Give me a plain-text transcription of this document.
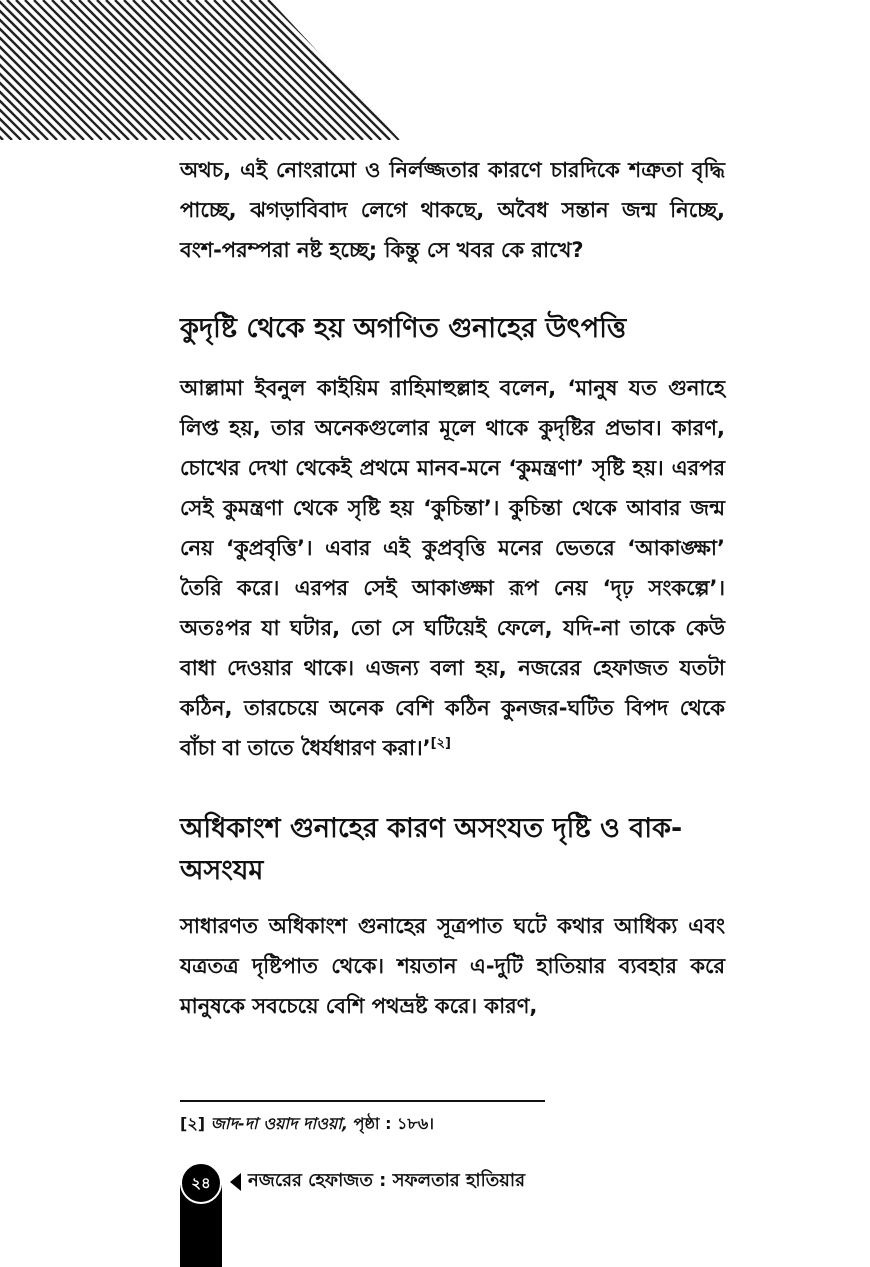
অথচ, এই নোংরামো ও নির্লজ্জতার কারণে চারদিকে শত্রুতা বৃদ্ধি পাচ্ছে, ঝগড়াবিবাদ লেগে থাকছে, অবৈধ সন্তান জন্ম নিচ্ছে, বংশ-পরম্পরা নষ্ট হচ্ছে; কিন্তু সে খবর কে রাখে?

কুদৃষ্টি থেকে হয় অগণিত গুনাহের উৎপত্তি

আল্লামা ইবনুল কাইয়িম রাহিমাহুল্লাহ বলেন, ‘মানুষ যত গুনাহে লিপ্ত হয়, তার অনেকগুলোর মূলে থাকে কুদৃষ্টির প্রভাব। কারণ, চোখের দেখা থেকেই প্রথমে মানব-মনে ‘কুমন্ত্রণা’ সৃষ্টি হয়। এরপর সেই কুমন্ত্রণা থেকে সৃষ্টি হয় ‘কুচিন্তা’। কুচিন্তা থেকে আবার জন্ম নেয় ‘কুপ্রবৃত্তি’। এবার এই কুপ্রবৃত্তি মনের ভেতরে ‘আকাঙ্ক্ষা’ তৈরি করে। এরপর সেই আকাঙ্ক্ষা রূপ নেয় ‘দৃঢ় সংকল্পে’। অতঃপর যা ঘটার, তো সে ঘটিয়েই ফেলে, যদি-না তাকে কেউ বাধা দেওয়ার থাকে। এজন্য বলা হয়, নজরের হেফাজত যতটা কঠিন, তারচেয়ে অনেক বেশি কঠিন কুনজর-ঘটিত বিপদ থেকে বাঁচা বা তাতে ধৈর্যধারণ করা।’[২]

অধিকাংশ গুনাহের কারণ অসংযত দৃষ্টি ও বাক-অসংযম

সাধারণত অধিকাংশ গুনাহের সূত্রপাত ঘটে কথার আধিক্য এবং যত্রতত্র দৃষ্টিপাত থেকে। শয়তান এ-দুটি হাতিয়ার ব্যবহার করে মানুষকে সবচেয়ে বেশি পথভ্রষ্ট করে। কারণ,

[২] জাদ-দা ওয়াদ দাওয়া, পৃষ্ঠা : ১৮৬।
২৪	নজরের হেফাজত : সফলতার হাতিয়ার
